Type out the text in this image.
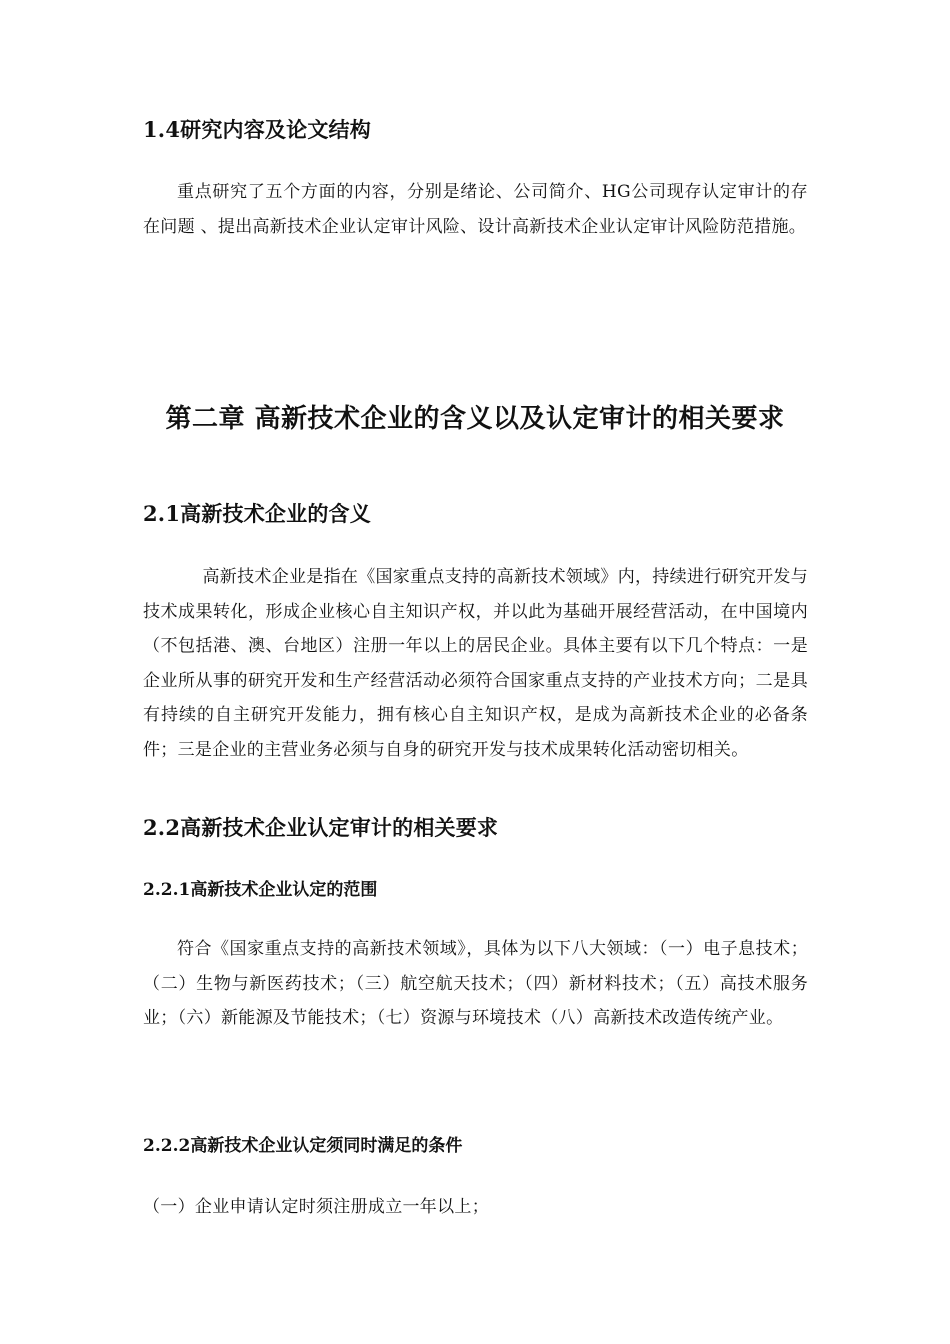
1.4研究内容及论文结构

重点研究了五个方面的内容，分别是绪论、公司简介、HG公司现存认定审计的存在问题 、提出高新技术企业认定审计风险、设计高新技术企业认定审计风险防范措施。

第二章 高新技术企业的含义以及认定审计的相关要求

2.1高新技术企业的含义

高新技术企业是指在《国家重点支持的高新技术领域》内，持续进行研究开发与技术成果转化，形成企业核心自主知识产权，并以此为基础开展经营活动，在中国境内（不包括港、澳、台地区）注册一年以上的居民企业。具体主要有以下几个特点：一是企业所从事的研究开发和生产经营活动必须符合国家重点支持的产业技术方向；二是具有持续的自主研究开发能力，拥有核心自主知识产权，是成为高新技术企业的必备条件；三是企业的主营业务必须与自身的研究开发与技术成果转化活动密切相关。

2.2高新技术企业认定审计的相关要求

2.2.1高新技术企业认定的范围

符合《国家重点支持的高新技术领域》，具体为以下八大领域：（一）电子息技术；（二）生物与新医药技术；（三）航空航天技术；（四）新材料技术；（五）高技术服务业；（六）新能源及节能技术；（七）资源与环境技术（八）高新技术改造传统产业。

2.2.2高新技术企业认定须同时满足的条件

（一）企业申请认定时须注册成立一年以上；
